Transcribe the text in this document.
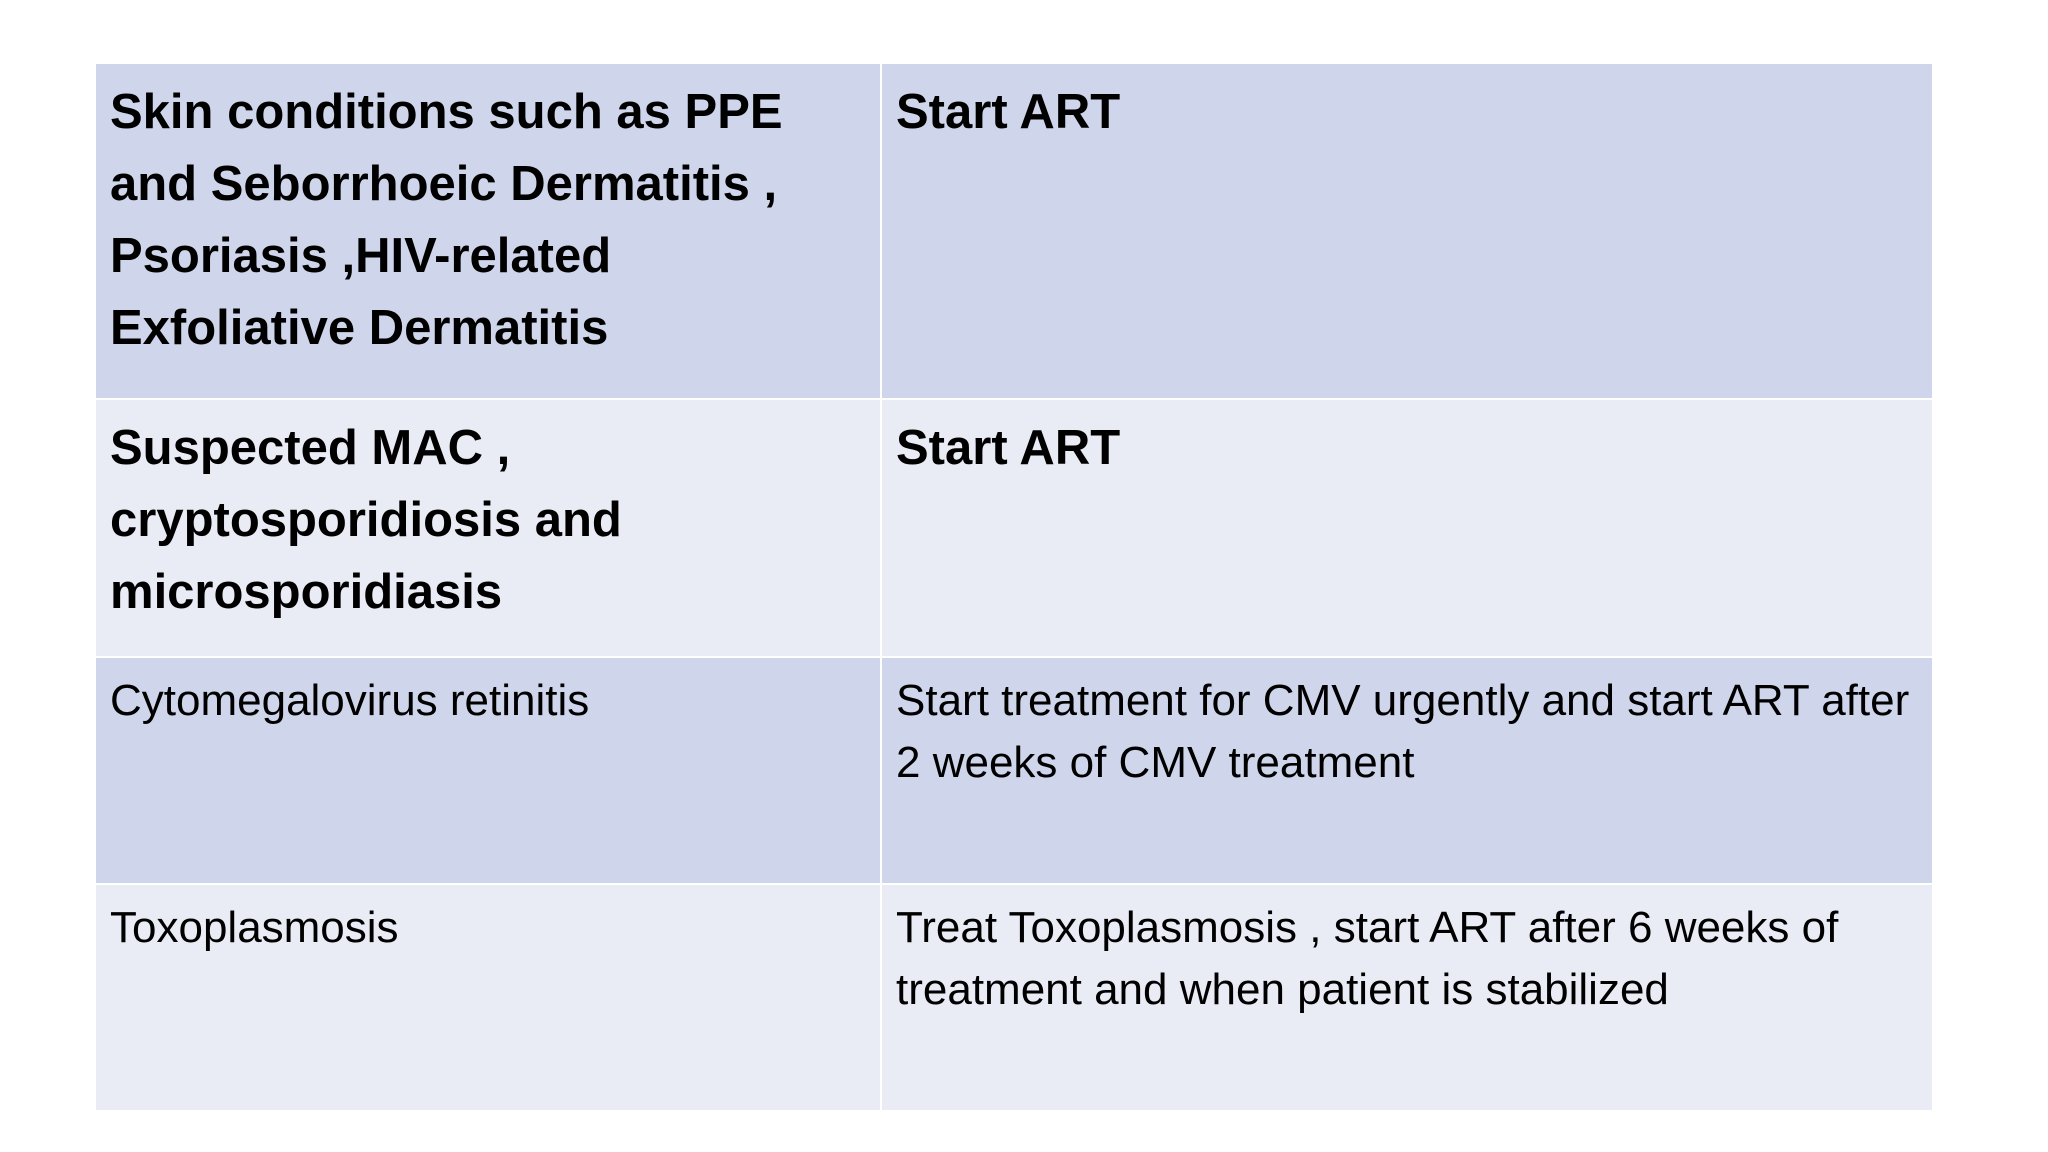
Skin conditions such as PPE and Seborrhoeic Dermatitis , Psoriasis ,HIV-related Exfoliative Dermatitis	Start ART
Suspected MAC , cryptosporidiosis and microsporidiasis	Start ART
Cytomegalovirus retinitis	Start treatment for CMV urgently and start ART after 2 weeks of CMV treatment
Toxoplasmosis	Treat Toxoplasmosis , start ART after 6 weeks of treatment and when patient is stabilized
